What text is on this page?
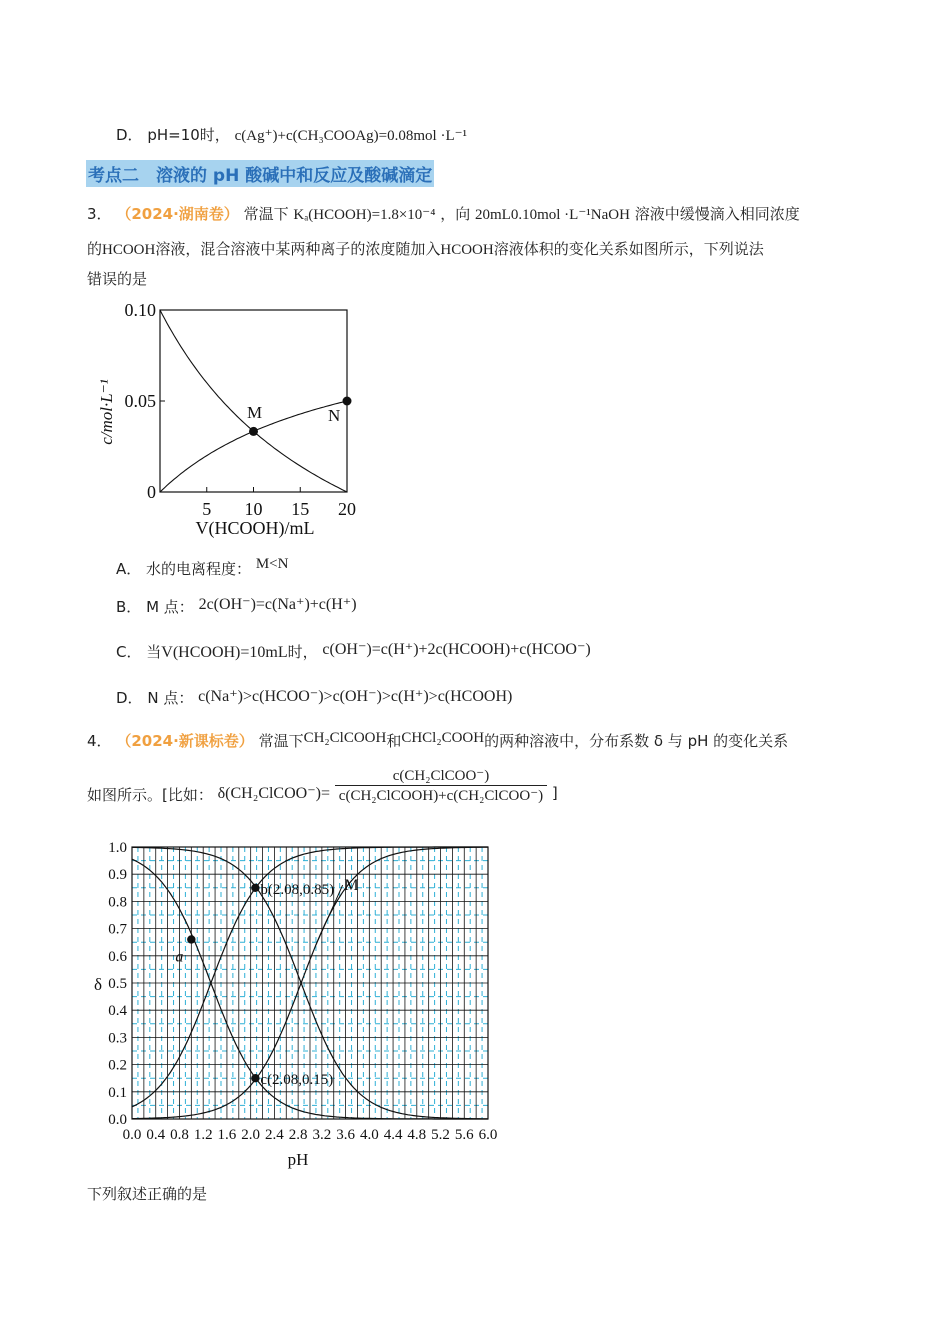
D． pH=10时， c(Ag⁺)+c(CH₃COOAg)=0.08mol ·L⁻¹
考点二　溶液的 pH 酸碱中和反应及酸碱滴定
3． （2024·湖南卷） 常温下 Kₐ(HCOOH)=1.8×10⁻⁴ ，向 20mL0.10mol ·L⁻¹NaOH 溶液中缓慢滴入相同浓度
的HCOOH溶液，混合溶液中某两种离子的浓度随加入HCOOH溶液体积的变化关系如图所示，下列说法
错误的是
0
0.05
0.10
5 10 15 20
M	N
c/mol·L⁻¹
V(HCOOH)/mL
A． 水的电离程度： M<N
B． M 点： 2c(OH⁻)=c(Na⁺)+c(H⁺)
C． 当V(HCOOH)=10mL时， c(OH⁻)=c(H⁺)+2c(HCOOH)+c(HCOO⁻)
D． N 点： c(Na⁺)>c(HCOO⁻)>c(OH⁻)>c(H⁺)>c(HCOOH)
4． （2024·新课标卷） 常温下CH₂ClCOOH和CHCl₂COOH的两种溶液中，分布系数 δ 与 pH 的变化关系
如图所示。[比如： δ(CH₂ClCOO⁻)= $\frac{\text{c(CH₂ClCOO⁻)}}{\text{c(CH₂ClCOOH)+c(CH₂ClCOO⁻)}}$ ]
0.0
0.1
0.2
0.3
0.4
0.5
0.6
0.7
0.8
0.9
1.0
0.0 0.4 0.8 1.2 1.6 2.0 2.4 2.8 3.2 3.6 4.0 4.4 4.8 5.2 5.6 6.0
a
b(2.08,0.85)
c(2.08,0.15)
M
δ
pH
下列叙述正确的是
